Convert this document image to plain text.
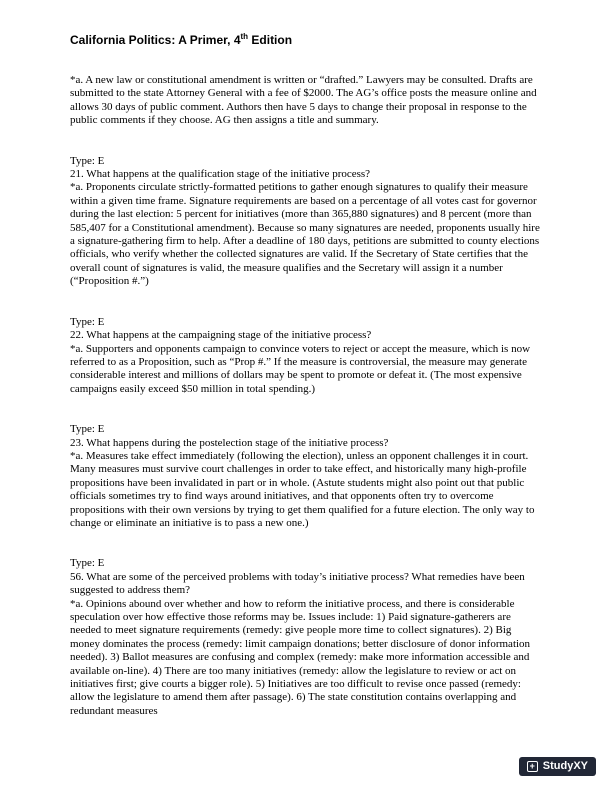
California Politics: A Primer, 4th Edition

*a. A new law or constitutional amendment is written or “drafted.” Lawyers may be consulted. Drafts are submitted to the state Attorney General with a fee of $2000. The AG’s office posts the measure online and allows 30 days of public comment. Authors then have 5 days to change their proposal in response to the public comments if they choose. AG then assigns a title and summary.

Type: E

21. What happens at the qualification stage of the initiative process?

*a. Proponents circulate strictly-formatted petitions to gather enough signatures to qualify their measure within a given time frame. Signature requirements are based on a percentage of all votes cast for governor during the last election: 5 percent for initiatives (more than 365,880 signatures) and 8 percent (more than 585,407 for a Constitutional amendment). Because so many signatures are needed, proponents usually hire a signature-gathering firm to help. After a deadline of 180 days, petitions are submitted to county elections officials, who verify whether the collected signatures are valid. If the Secretary of State certifies that the overall count of signatures is valid, the measure qualifies and the Secretary will assign it a number (“Proposition #.”)

Type: E

22. What happens at the campaigning stage of the initiative process?

*a. Supporters and opponents campaign to convince voters to reject or accept the measure, which is now referred to as a Proposition, such as “Prop #.” If the measure is controversial, the measure may generate considerable interest and millions of dollars may be spent to promote or defeat it. (The most expensive campaigns easily exceed $50 million in total spending.)

Type: E

23. What happens during the postelection stage of the initiative process?

*a. Measures take effect immediately (following the election), unless an opponent challenges it in court. Many measures must survive court challenges in order to take effect, and historically many high-profile propositions have been invalidated in part or in whole. (Astute students might also point out that public officials sometimes try to find ways around initiatives, and that opponents often try to overcome propositions with their own versions by trying to get them qualified for a future election. The only way to change or eliminate an initiative is to pass a new one.)

Type: E

56. What are some of the perceived problems with today’s initiative process? What remedies have been suggested to address them?

*a. Opinions abound over whether and how to reform the initiative process, and there is considerable speculation over how effective those reforms may be. Issues include: 1) Paid signature-gatherers are needed to meet signature requirements (remedy: give people more time to collect signatures). 2) Big money dominates the process (remedy: limit campaign donations; better disclosure of donor information needed). 3) Ballot measures are confusing and complex (remedy: make more information accessible and available on-line). 4) There are too many initiatives (remedy: allow the legislature to review or act on initiatives first; give courts a bigger role). 5) Initiatives are too difficult to revise once passed (remedy: allow the legislature to amend them after passage). 6) The state constitution contains overlapping and redundant measures

+ StudyXY
